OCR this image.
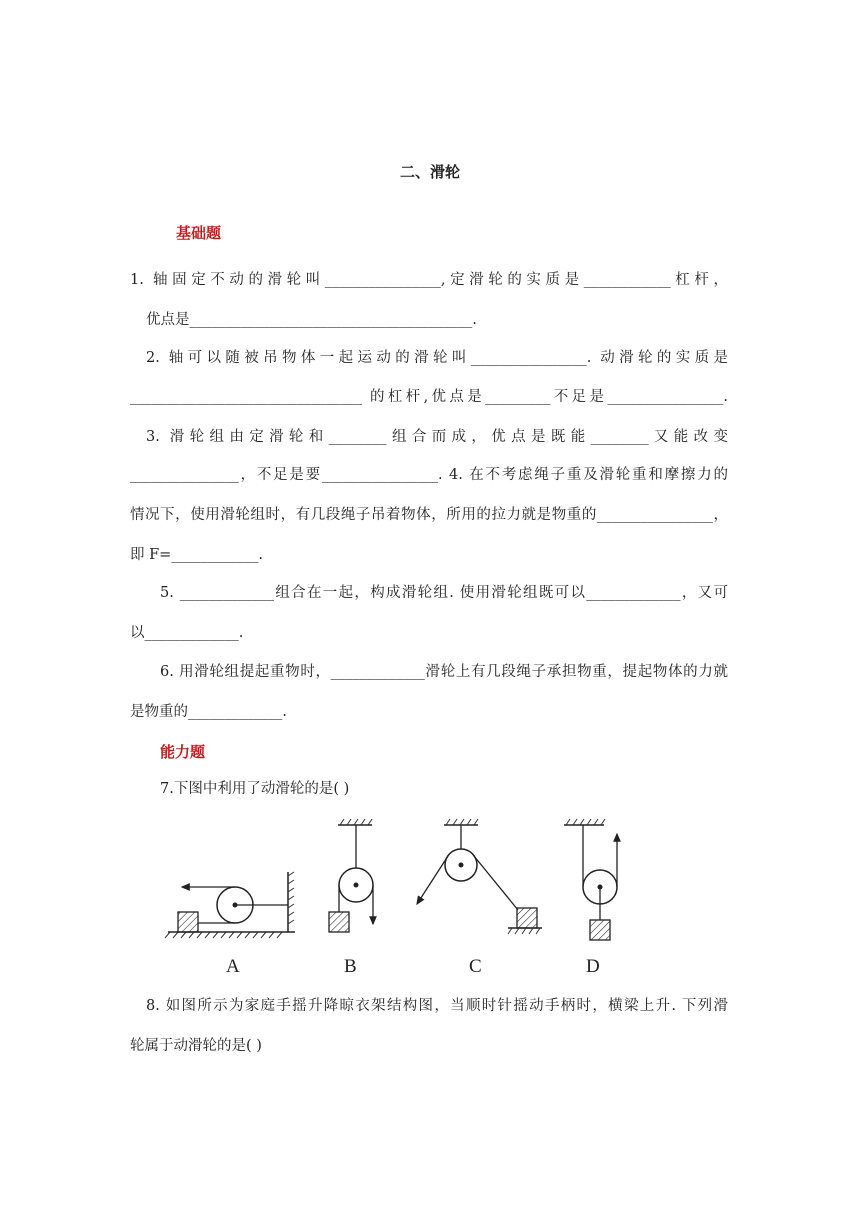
二、滑轮
基础题
1. 轴固定不动的滑轮叫________________,定滑轮的实质是____________杠杆，
优点是_______________________________________.
2. 轴可以随被吊物体一起运动的滑轮叫________________. 动滑轮的实质是
________________________________ 的杠杆,优点是_________不足是________________.
3. 滑轮组由定滑轮和________组合而成，优点是既能________又能改变
_______________，不足是要________________. 4. 在不考虑绳子重及滑轮重和摩擦力的
情况下，使用滑轮组时，有几段绳子吊着物体，所用的拉力就是物重的________________，
即 F=____________.
5. _____________组合在一起，构成滑轮组. 使用滑轮组既可以_____________，又可
以_____________.
6. 用滑轮组提起重物时，_____________滑轮上有几段绳子承担物重，提起物体的力就
是物重的_____________.
能力题
7.下图中利用了动滑轮的是( )
A	B	C	D
8. 如图所示为家庭手摇升降晾衣架结构图，当顺时针摇动手柄时，横梁上升. 下列滑
轮属于动滑轮的是( )
